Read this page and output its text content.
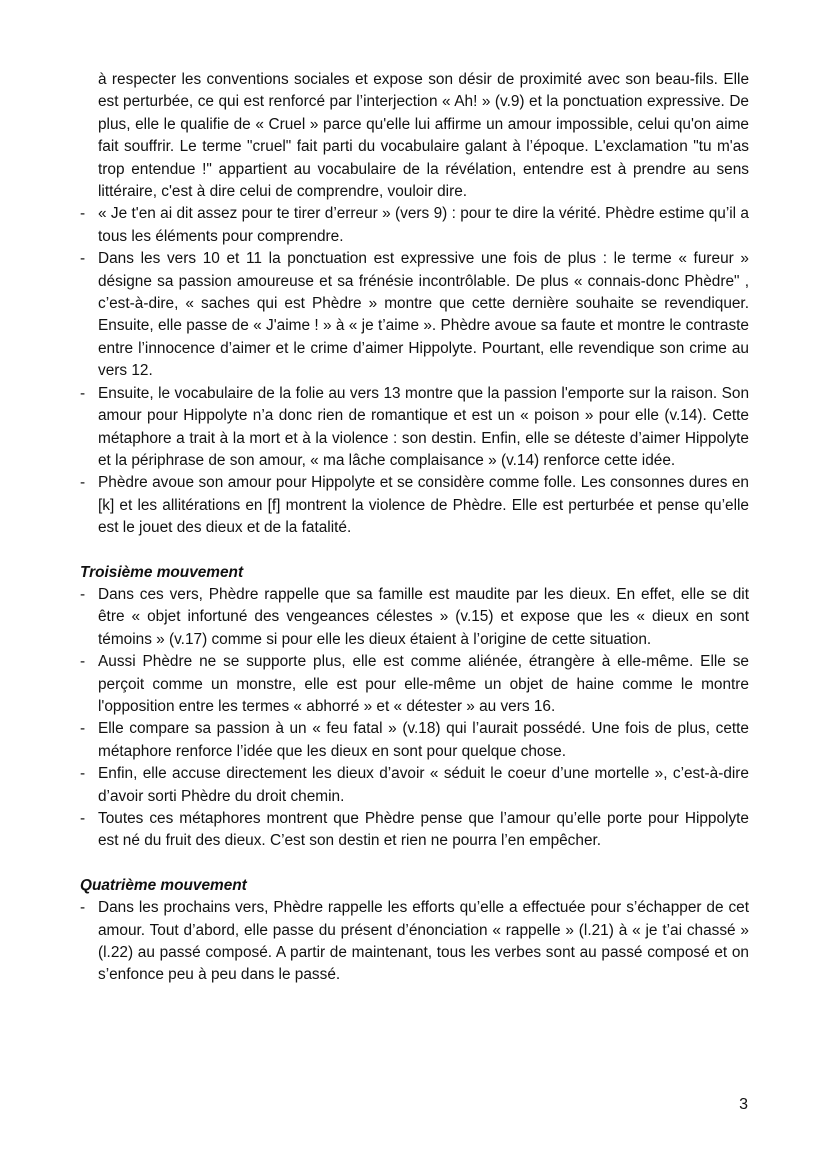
à respecter les conventions sociales et expose son désir de proximité avec son beau-fils. Elle est perturbée, ce qui est renforcé par l’interjection « Ah! » (v.9) et la ponctuation expressive. De plus, elle le qualifie de « Cruel » parce qu'elle lui affirme un amour impossible, celui qu'on aime fait souffrir. Le terme "cruel" fait parti du vocabulaire galant à l’époque. L'exclamation "tu m'as trop entendue !" appartient au vocabulaire de la révélation, entendre est à prendre au sens littéraire, c'est à dire celui de comprendre, vouloir dire.

- « Je t'en ai dit assez pour te tirer d’erreur » (vers 9) : pour te dire la vérité. Phèdre estime qu’il a tous les éléments pour comprendre.
- Dans les vers 10 et 11 la ponctuation est expressive une fois de plus : le terme « fureur » désigne sa passion amoureuse et sa frénésie incontrôlable. De plus « connais-donc Phèdre" , c’est-à-dire, « saches qui est Phèdre » montre que cette dernière souhaite se revendiquer. Ensuite, elle passe de « J'aime ! » à « je t’aime ». Phèdre avoue sa faute et montre le contraste entre l’innocence d’aimer et le crime d’aimer Hippolyte. Pourtant, elle revendique son crime au vers 12.
- Ensuite, le vocabulaire de la folie au vers 13 montre que la passion l'emporte sur la raison. Son amour pour Hippolyte n’a donc rien de romantique et est un « poison » pour elle (v.14). Cette métaphore a trait à la mort et à la violence : son destin. Enfin, elle se déteste d’aimer Hippolyte et la périphrase de son amour, « ma lâche complaisance » (v.14) renforce cette idée.
- Phèdre avoue son amour pour Hippolyte et se considère comme folle. Les consonnes dures en [k] et les allitérations en [f] montrent la violence de Phèdre. Elle est perturbée et pense qu’elle est le jouet des dieux et de la fatalité.
Troisième mouvement
- Dans ces vers, Phèdre rappelle que sa famille est maudite par les dieux. En effet, elle se dit être « objet infortuné des vengeances célestes » (v.15) et expose que les « dieux en sont témoins » (v.17) comme si pour elle les dieux étaient à l’origine de cette situation.
- Aussi Phèdre ne se supporte plus, elle est comme aliénée, étrangère à elle-même. Elle se perçoit comme un monstre, elle est pour elle-même un objet de haine comme le montre l'opposition entre les termes « abhorré » et « détester » au vers 16.
- Elle compare sa passion à un « feu fatal » (v.18) qui l’aurait possédé. Une fois de plus, cette métaphore renforce l’idée que les dieux en sont pour quelque chose.
- Enfin, elle accuse directement les dieux d’avoir « séduit le coeur d’une mortelle », c’est-à-dire d’avoir sorti Phèdre du droit chemin.
- Toutes ces métaphores montrent que Phèdre pense que l’amour qu’elle porte pour Hippolyte est né du fruit des dieux. C’est son destin et rien ne pourra l’en empêcher.
Quatrième mouvement
- Dans les prochains vers, Phèdre rappelle les efforts qu’elle a effectuée pour s’échapper de cet amour. Tout d’abord, elle passe du présent d’énonciation « rappelle » (l.21) à « je t’ai chassé » (l.22) au passé composé. A partir de maintenant, tous les verbes sont au passé composé et on s’enfonce peu à peu dans le passé.
3
